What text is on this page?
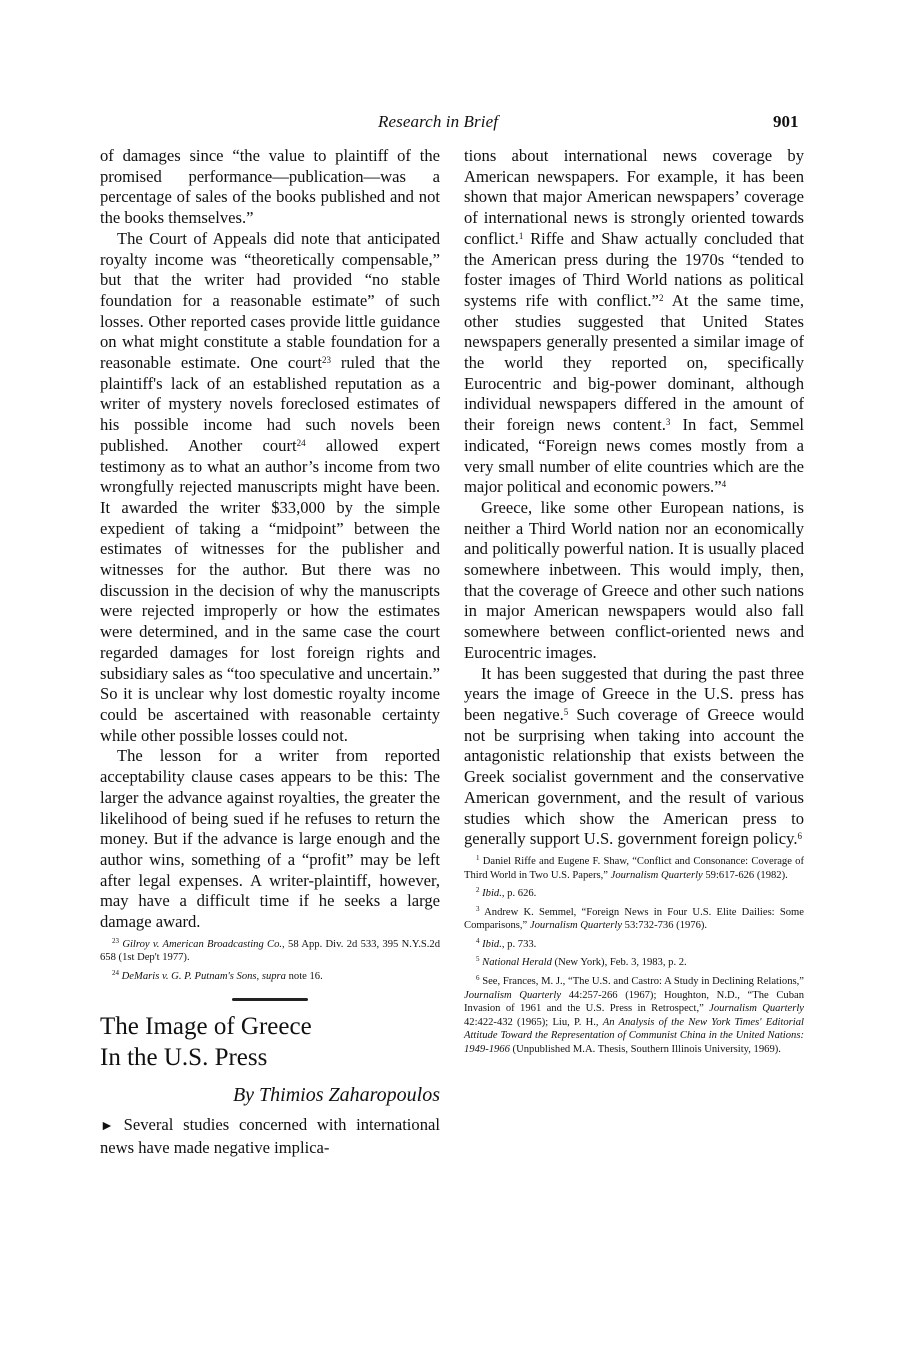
Research in Brief	901

of damages since “the value to plaintiff of the promised performance—publication—was a percentage of sales of the books published and not the books themselves.”

The Court of Appeals did note that anticipated royalty income was “theoretically compensable,” but that the writer had provided “no stable foundation for a reasonable estimate” of such losses. Other reported cases provide little guidance on what might constitute a stable foundation for a reasonable estimate. One court$^{23}$ ruled that the plaintiff's lack of an established reputation as a writer of mystery novels foreclosed estimates of his possible income had such novels been published. Another court$^{24}$ allowed expert testimony as to what an author’s income from two wrongfully rejected manuscripts might have been. It awarded the writer $33,000 by the simple expedient of taking a “midpoint” between the estimates of witnesses for the publisher and witnesses for the author. But there was no discussion in the decision of why the manuscripts were rejected improperly or how the estimates were determined, and in the same case the court regarded damages for lost foreign rights and subsidiary sales as “too speculative and uncertain.” So it is unclear why lost domestic royalty income could be ascertained with reasonable certainty while other possible losses could not.

The lesson for a writer from reported acceptability clause cases appears to be this: The larger the advance against royalties, the greater the likelihood of being sued if he refuses to return the money. But if the advance is large enough and the author wins, something of a “profit” may be left after legal expenses. A writer-plaintiff, however, may have a difficult time if he seeks a large damage award.

$^{23}$ Gilroy v. American Broadcasting Co., 58 App. Div. 2d 533, 395 N.Y.S.2d 658 (1st Dep't 1977).

$^{24}$ DeMaris v. G. P. Putnam's Sons, supra note 16.

The Image of Greece
In the U.S. Press
By Thimios Zaharopoulos

► Several studies concerned with international news have made negative implica-

tions about international news coverage by American newspapers. For example, it has been shown that major American newspapers’ coverage of international news is strongly oriented towards conflict.$^1$ Riffe and Shaw actually concluded that the American press during the 1970s “tended to foster images of Third World nations as political systems rife with conflict.”$^2$ At the same time, other studies suggested that United States newspapers generally presented a similar image of the world they reported on, specifically Eurocentric and big-power dominant, although individual newspapers differed in the amount of their foreign news content.$^3$ In fact, Semmel indicated, “Foreign news comes mostly from a very small number of elite countries which are the major political and economic powers.”$^4$

Greece, like some other European nations, is neither a Third World nation nor an economically and politically powerful nation. It is usually placed somewhere inbetween. This would imply, then, that the coverage of Greece and other such nations in major American newspapers would also fall somewhere between conflict-oriented news and Eurocentric images.

It has been suggested that during the past three years the image of Greece in the U.S. press has been negative.$^5$ Such coverage of Greece would not be surprising when taking into account the antagonistic relationship that exists between the Greek socialist government and the conservative American government, and the result of various studies which show the American press to generally support U.S. government foreign policy.$^6$

$^1$ Daniel Riffe and Eugene F. Shaw, “Conflict and Consonance: Coverage of Third World in Two U.S. Papers,” Journalism Quarterly 59:617-626 (1982).

$^2$ Ibid., p. 626.

$^3$ Andrew K. Semmel, “Foreign News in Four U.S. Elite Dailies: Some Comparisons,” Journalism Quarterly 53:732-736 (1976).

$^4$ Ibid., p. 733.

$^5$ National Herald (New York), Feb. 3, 1983, p. 2.

$^6$ See, Frances, M. J., “The U.S. and Castro: A Study in Declining Relations,” Journalism Quarterly 44:257-266 (1967); Houghton, N.D., “The Cuban Invasion of 1961 and the U.S. Press in Retrospect,” Journalism Quarterly 42:422-432 (1965); Liu, P. H., An Analysis of the New York Times' Editorial Attitude Toward the Representation of Communist China in the United Nations: 1949-1966 (Unpublished M.A. Thesis, Southern Illinois University, 1969).
